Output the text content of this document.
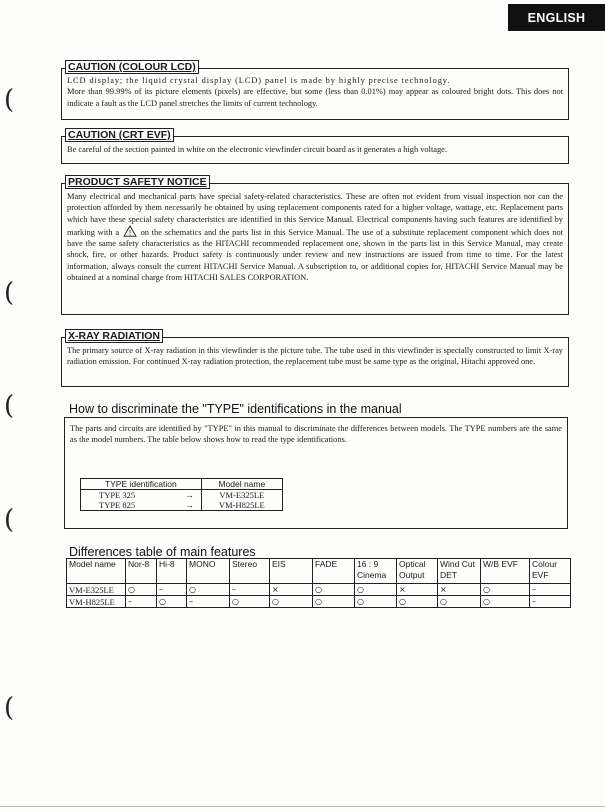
ENGLISH
(
(
(
(
(
CAUTION (COLOUR LCD)
LCD display; the liquid crystal display (LCD) panel is made by highly precise technology.
More than 99.99% of its picture elements (pixels) are effective, but some (less than 0.01%) may appear as coloured bright dots. This does not indicate a fault as the LCD panel stretches the limits of current technology.
CAUTION (CRT EVF)
Be careful of the section painted in white on the electronic viewfinder circuit board as it generates a high voltage.
PRODUCT SAFETY NOTICE
Many electrical and mechanical parts have special safety-related characteristics. These are often not evident from visual inspection nor can the protection afforded by them necessarily be obtained by using replacement components rated for a higher voltage, wattage, etc. Replacement parts which have these special safety characteristics are identified in this Service Manual. Electrical components having such features are identified by marking with a ! on the schematics and the parts list in this Service Manual. The use of a substitute replacement component which does not have the same safety characteristics as the HITACHI recommended replacement one, shown in the parts list in this Service Manual, may create shock, fire, or other hazards. Product safety is continuously under review and new instructions are issued from time to time. For the latest information, always consult the current HITACHI Service Manual. A subscription to, or additional copies for, HITACHI Service Manual may be obtained at a nominal charge from HITACHI SALES CORPORATION.
X-RAY RADIATION
The primary source of X-ray radiation in this viewfinder is the picture tube. The tube used in this viewfinder is specially constructed to limit X-ray radiation emission. For continued X-ray radiation protection, the replacement tube must be same type as the original, Hitachi approved one.
How to discriminate the "TYPE" identifications in the manual
The parts and circuits are identified by "TYPE" in this manual to discriminate the differences between models. The TYPE numbers are the same as the model numbers. The table below shows how to read the type identifications.
TYPE identification		Model name
TYPE 325	→	VM-E325LE
TYPE 825	→	VM-H825LE
Differences table of main features
Model name	Nor-8	Hi-8	MONO	Stereo	EIS	FADE	16 : 9 Cinema	Optical Output	Wind Cut DET	W/B EVF	Colour EVF
VM-E325LE	○	–	○	–	×	○	○	×	×	○	–
VM-H825LE	–	○	–	○	○	○	○	○	○	○	–
